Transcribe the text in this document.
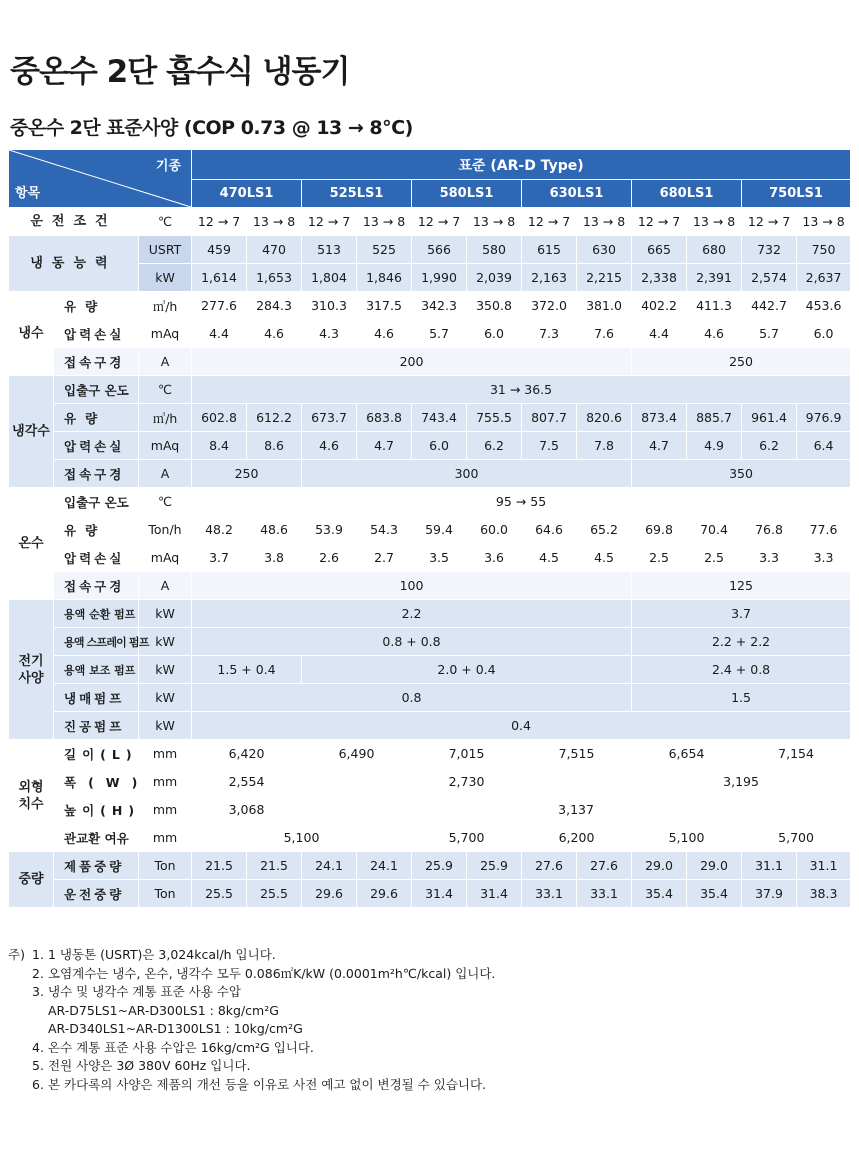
중온수 2단 흡수식 냉동기
중온수 2단 표준사양 (COP 0.73 @ 13 → 8℃)
기종
항목			표준 (AR-D Type)											
			470LS1		525LS1		580LS1		630LS1		680LS1		750LS1	
운전조건		℃	12 → 7	13 → 8	12 → 7	13 → 8	12 → 7	13 → 8	12 → 7	13 → 8	12 → 7	13 → 8	12 → 7	13 → 8
냉동능력		USRT	459	470	513	525	566	580	615	630	665	680	732	750
		kW	1,614	1,653	1,804	1,846	1,990	2,039	2,163	2,215	2,338	2,391	2,574	2,637
냉수	유량	㎥/h	277.6	284.3	310.3	317.5	342.3	350.8	372.0	381.0	402.2	411.3	442.7	453.6
	압력손실	mAq	4.4	4.6	4.3	4.6	5.7	6.0	7.3	7.6	4.4	4.6	5.7	6.0
	접속구경	A	200								250			
냉각수	입출구 온도	℃	31 → 36.5											
	유량	㎥/h	602.8	612.2	673.7	683.8	743.4	755.5	807.7	820.6	873.4	885.7	961.4	976.9
	압력손실	mAq	8.4	8.6	4.6	4.7	6.0	6.2	7.5	7.8	4.7	4.9	6.2	6.4
	접속구경	A	250		300						350			
온수	입출구 온도	℃	95 → 55											
	유량	Ton/h	48.2	48.6	53.9	54.3	59.4	60.0	64.6	65.2	69.8	70.4	76.8	77.6
	압력손실	mAq	3.7	3.8	2.6	2.7	3.5	3.6	4.5	4.5	2.5	2.5	3.3	3.3
	접속구경	A	100								125			
전기 사양	용액 순환 펌프	kW	2.2								3.7			
	용액 스프레이 펌프	kW	0.8 + 0.8								2.2 + 2.2			
	용액 보조 펌프	kW	1.5 + 0.4		2.0 + 0.4						2.4 + 0.8			
	냉매펌프	kW	0.8								1.5			
	진공펌프	kW	0.4											
외형 치수	길이(L)	mm	6,420		6,490		7,015		7,515		6,654		7,154	
	폭(W)	mm	2,554		2,730						3,195			
	높이(H)	mm	3,068		3,137									
	관교환 여유	mm	5,100				5,700		6,200		5,100		5,700	
중량	제품중량	Ton	21.5	21.5	24.1	24.1	25.9	25.9	27.6	27.6	29.0	29.0	31.1	31.1
	운전중량	Ton	25.5	25.5	29.6	29.6	31.4	31.4	33.1	33.1	35.4	35.4	37.9	38.3
주) 1. 1 냉동톤 (USRT)은 3,024kcal/h 입니다.
2. 오염계수는 냉수, 온수, 냉각수 모두 0.086㎡K/kW (0.0001m²h℃/kcal) 입니다.
3. 냉수 및 냉각수 계통 표준 사용 수압
AR-D75LS1~AR-D300LS1 : 8kg/cm²G
AR-D340LS1~AR-D1300LS1 : 10kg/cm²G
4. 온수 계통 표준 사용 수압은 16kg/cm²G 입니다.
5. 전원 사양은 3Ø 380V 60Hz 입니다.
6. 본 카다록의 사양은 제품의 개선 등을 이유로 사전 예고 없이 변경될 수 있습니다.
